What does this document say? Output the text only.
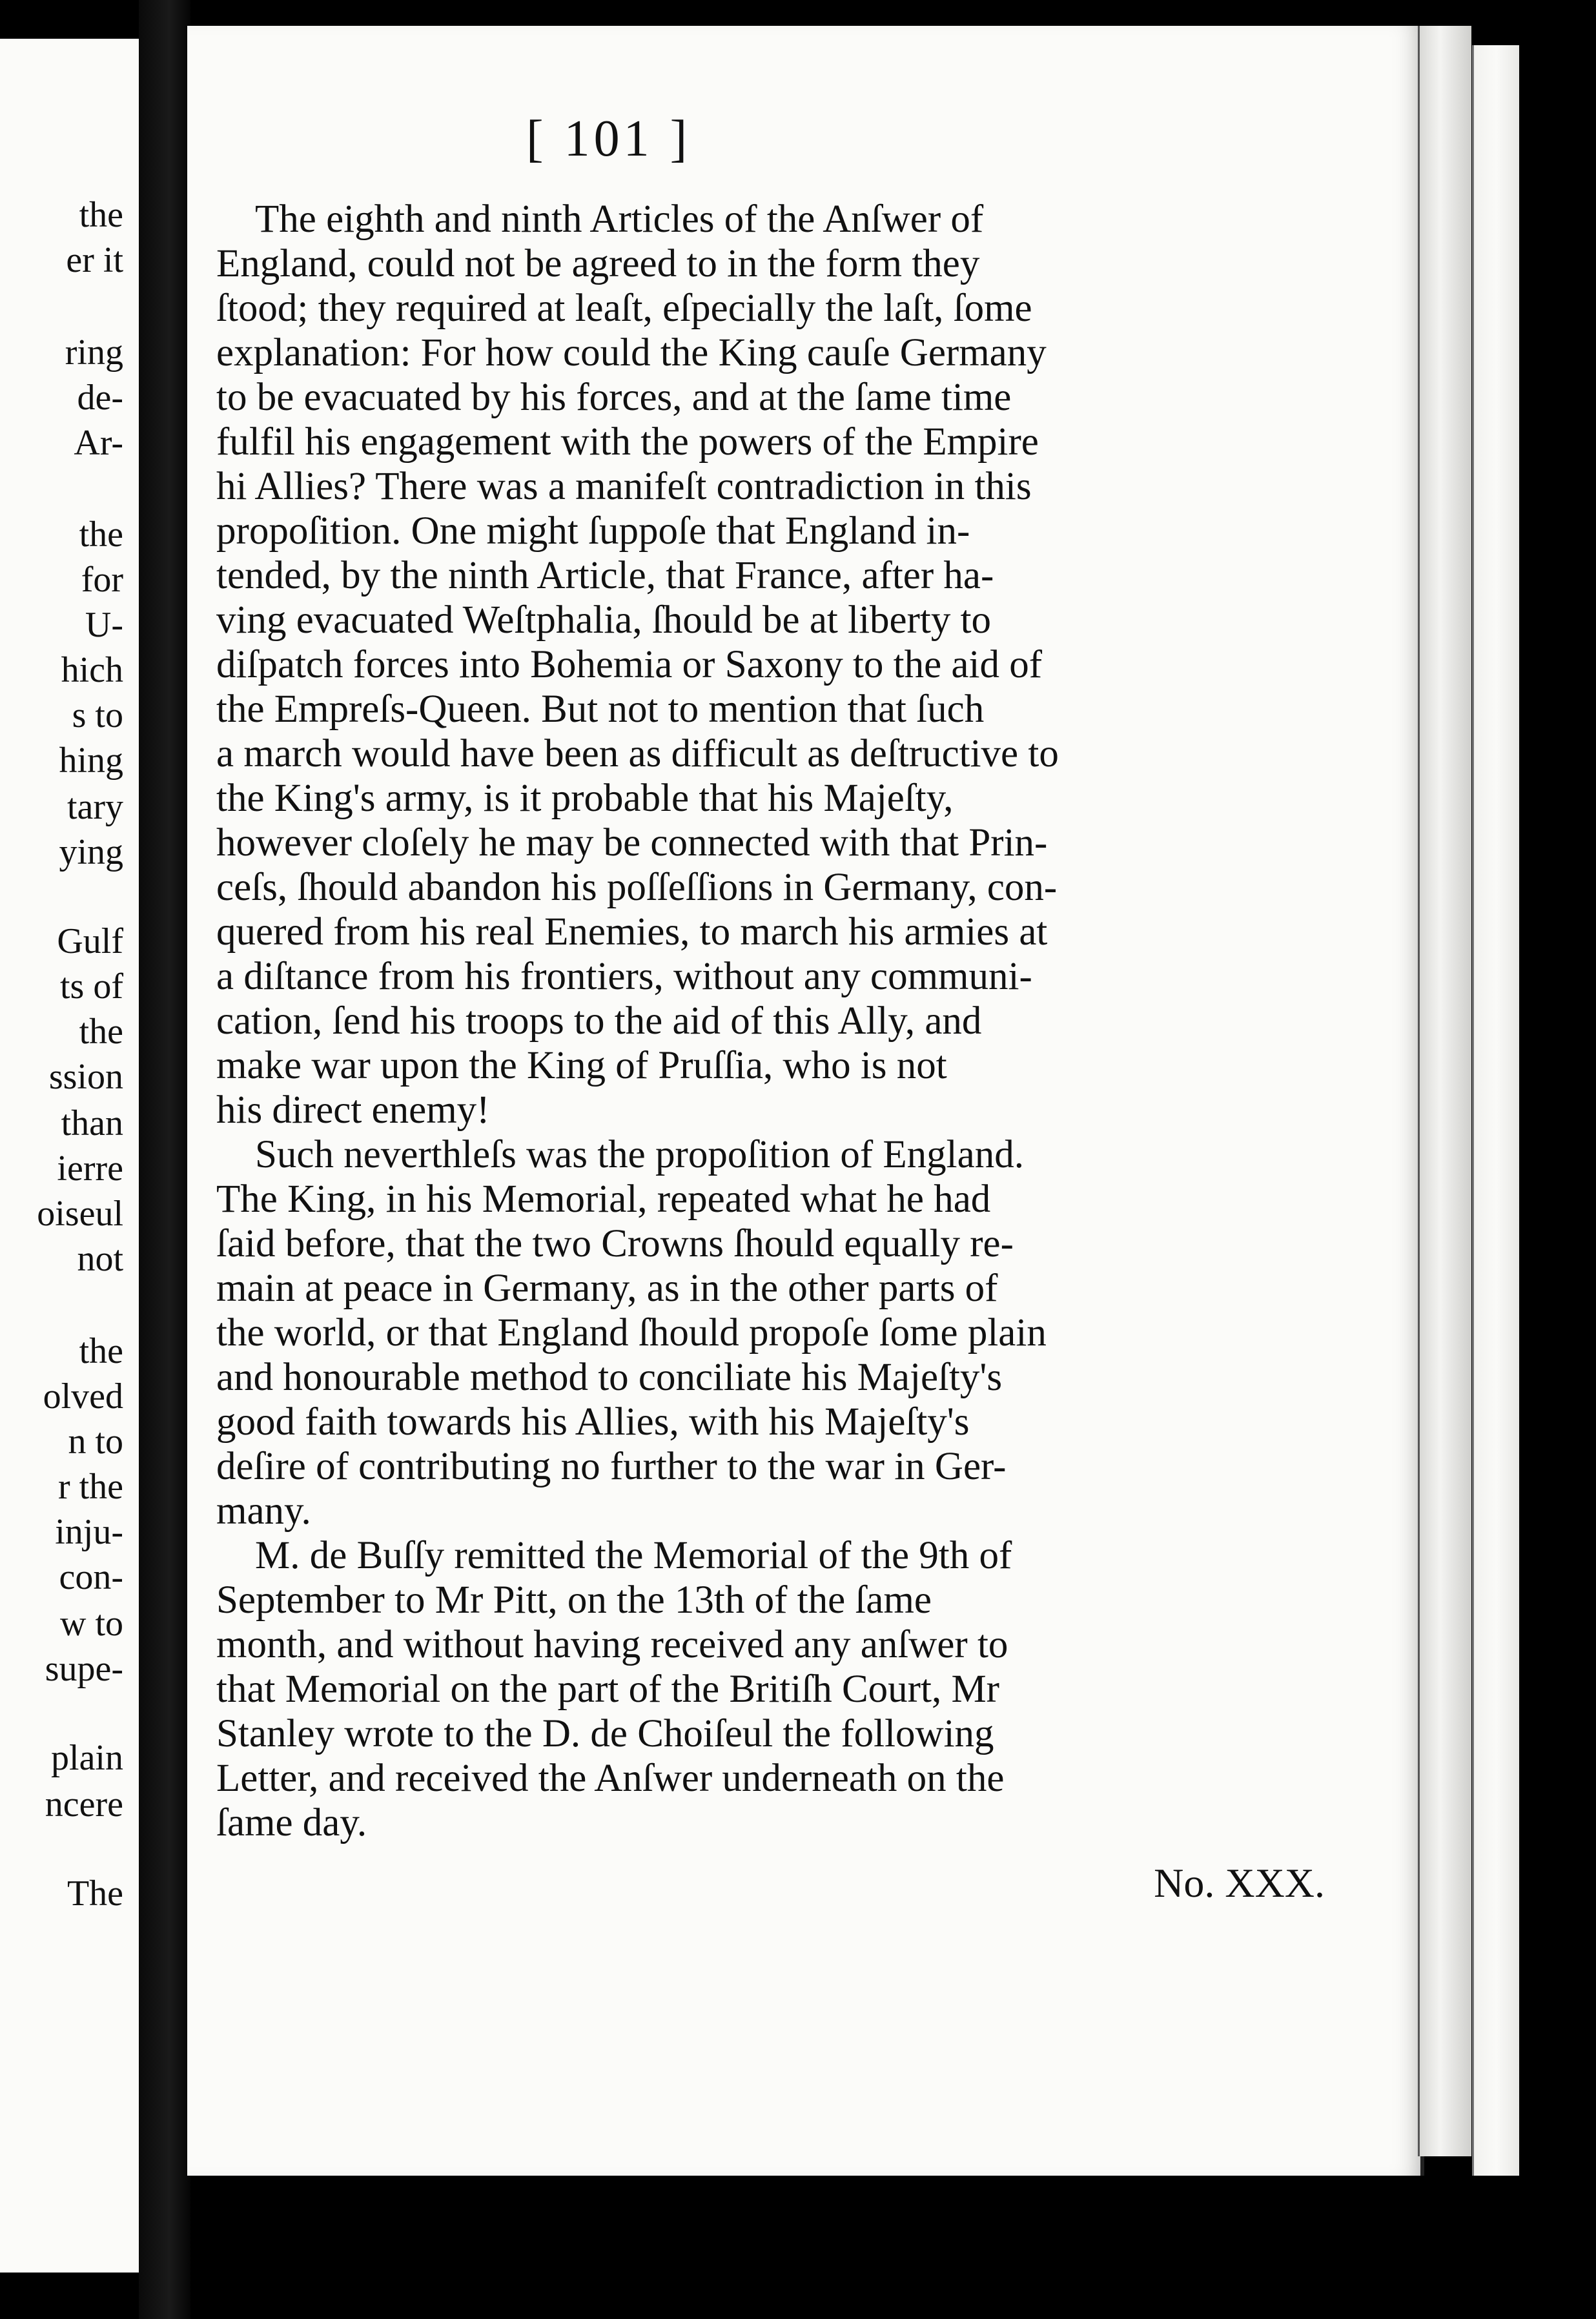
the
er it
ring
de-
Ar-
the
for
U-
hich
s to
hing
tary
ying
Gulf
ts of
the
ssion
than
ierre
oiseul
not
the
olved
n to
r the
inju-
con-
w to
supe-
plain
ncere
The
[ 101 ]
The eighth and ninth Articles of the Anſwer of
England, could not be agreed to in the form they
ſtood; they required at leaſt, eſpecially the laſt, ſome
explanation: For how could the King cauſe Germany
to be evacuated by his forces, and at the ſame time
fulfil his engagement with the powers of the Empire
hi Allies? There was a manifeſt contradiction in this
propoſition. One might ſuppoſe that England in-
tended, by the ninth Article, that France, after ha-
ving evacuated Weſtphalia, ſhould be at liberty to
diſpatch forces into Bohemia or Saxony to the aid of
the Empreſs-Queen. But not to mention that ſuch
a march would have been as difficult as deſtructive to
the King's army, is it probable that his Majeſty,
however cloſely he may be connected with that Prin-
ceſs, ſhould abandon his poſſeſſions in Germany, con-
quered from his real Enemies, to march his armies at
a diſtance from his frontiers, without any communi-
cation, ſend his troops to the aid of this Ally, and
make war upon the King of Pruſſia, who is not
his direct enemy!
Such neverthleſs was the propoſition of England.
The King, in his Memorial, repeated what he had
ſaid before, that the two Crowns ſhould equally re-
main at peace in Germany, as in the other parts of
the world, or that England ſhould propoſe ſome plain
and honourable method to conciliate his Majeſty's
good faith towards his Allies, with his Majeſty's
deſire of contributing no further to the war in Ger-
many.
M. de Buſſy remitted the Memorial of the 9th of
September to Mr Pitt, on the 13th of the ſame
month, and without having received any anſwer to
that Memorial on the part of the Britiſh Court, Mr
Stanley wrote to the D. de Choiſeul the following
Letter, and received the Anſwer underneath on the
ſame day.
No. XXX.
